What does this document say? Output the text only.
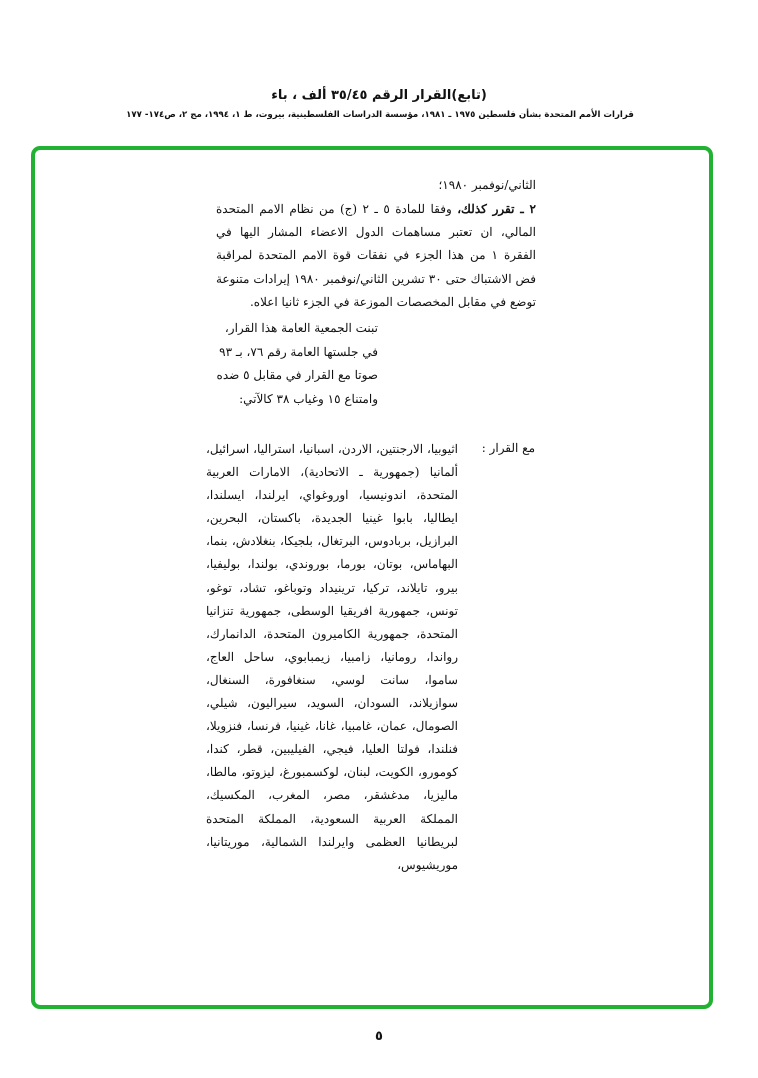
(تابع)القرار الرقم ٣٥/٤٥ ألف ، باء
قرارات الأمم المتحدة بشأن فلسطين ١٩٧٥ ـ ١٩٨١، مؤسسة الدراسات الفلسطينية، بيروت، ط ١، ١٩٩٤، مج ٢، ص١٧٤- ١٧٧
الثاني/نوفمبر ١٩٨٠؛
٢ ـ تقرر كذلك، وفقا للمادة ٥ ـ ٢ (ج) من نظام الامم المتحدة المالي، ان تعتبر مساهمات الدول الاعضاء المشار اليها في الفقرة ١ من هذا الجزء في نفقات قوة الامم المتحدة لمراقبة فض الاشتباك حتى ٣٠ تشرين الثاني/نوفمبر ١٩٨٠ إيرادات متنوعة توضع في مقابل المخصصات الموزعة في الجزء ثانيا اعلاه.
تبنت الجمعية العامة هذا القرار، في جلستها العامة رقم ٧٦، بـ ٩٣ صوتا مع القرار في مقابل ٥ ضده وامتناع ١٥ وغياب ٣٨ كالآتي:
مع القرار :
اثيوبيا، الارجنتين، الاردن، اسبانيا، استراليا، اسرائيل، ألمانيا (جمهورية ـ الاتحادية)، الامارات العربية المتحدة، اندونيسيا، اوروغواي، ايرلندا، ايسلندا، ايطاليا، بابوا غينيا الجديدة، باكستان، البحرين، البرازيل، بربادوس، البرتغال، بلجيكا، بنغلادش، بنما، البهاماس، بوتان، بورما، بوروندي، بولندا، بوليفيا، بيرو، تايلاند، تركيا، ترينيداد وتوباغو، تشاد، توغو، تونس، جمهورية افريقيا الوسطى، جمهورية تنزانيا المتحدة، جمهورية الكاميرون المتحدة، الدانمارك، رواندا، رومانيا، زامبيا، زيمبابوي، ساحل العاج، ساموا، سانت لوسي، سنغافورة، السنغال، سوازيلاند، السودان، السويد، سيراليون، شيلي، الصومال، عمان، غامبيا، غانا، غينيا، فرنسا، فنزويلا، فنلندا، فولتا العليا، فيجي، الفيليبين، قطر، كندا، كومورو، الكويت، لبنان، لوكسمبورغ، ليزوتو، مالطا، ماليزيا، مدغشقر، مصر، المغرب، المكسيك، المملكة العربية السعودية، المملكة المتحدة لبريطانيا العظمى وايرلندا الشمالية، موريتانيا، موريشيوس،
٥
